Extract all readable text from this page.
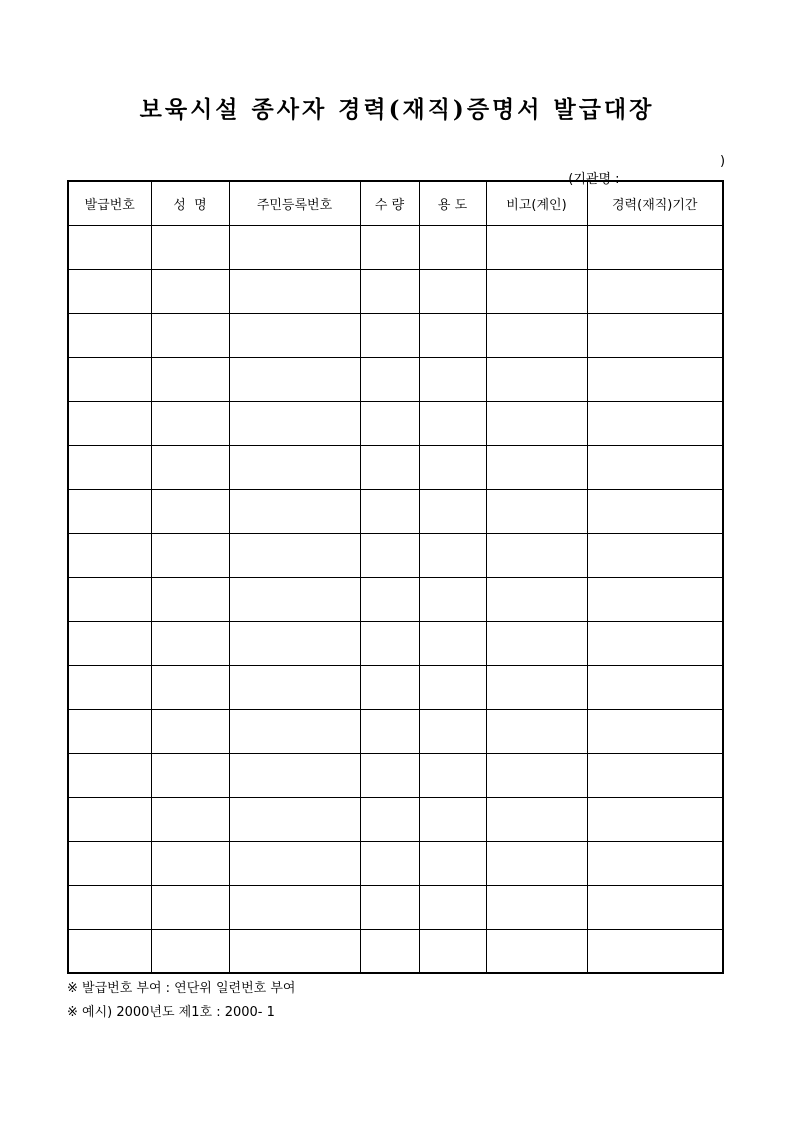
보육시설 종사자 경력(재직)증명서 발급대장

(기관명 :

)

발급번호	성  명	주민등록번호	수 량	용 도	비고(계인)	경력(재직)기간

※ 발급번호 부여 : 연단위 일련번호 부여
※ 예시) 2000년도 제1호 : 2000- 1
